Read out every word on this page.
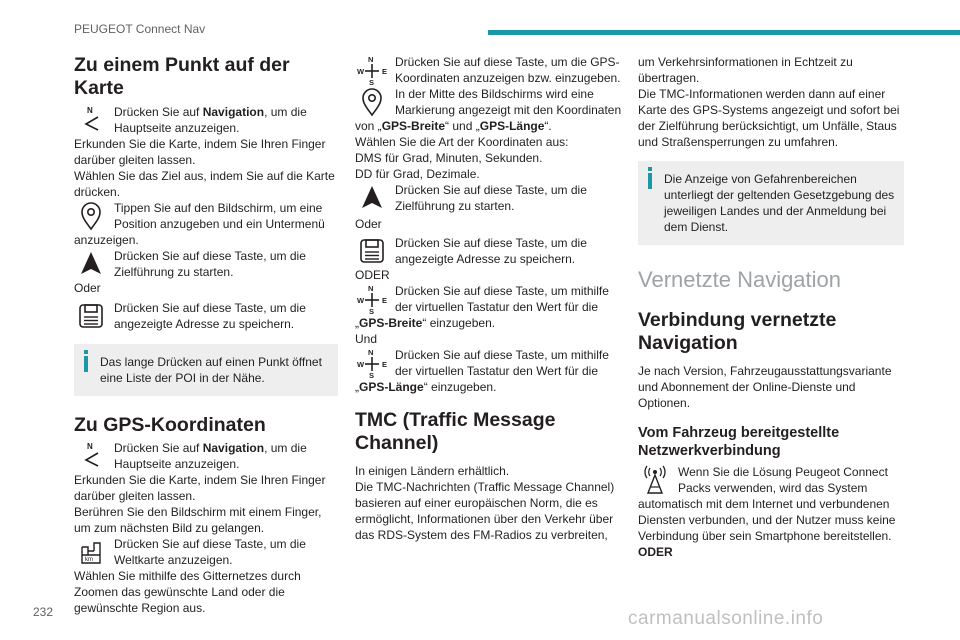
PEUGEOT Connect Nav
Zu einem Punkt auf der Karte
N Drücken Sie auf Navigation, um die Hauptseite anzuzeigen.

Erkunden Sie die Karte, indem Sie Ihren Finger darüber gleiten lassen.

Wählen Sie das Ziel aus, indem Sie auf die Karte drücken.

Tippen Sie auf den Bildschirm, um eine Position anzugeben und ein Untermenü anzuzeigen.
Drücken Sie auf diese Taste, um die Zielführung zu starten.

Oder

Drücken Sie auf diese Taste, um die angezeigte Adresse zu speichern.
Das lange Drücken auf einen Punkt öffnet eine Liste der POI in der Nähe.
Zu GPS-Koordinaten
N Drücken Sie auf Navigation, um die Hauptseite anzuzeigen.

Erkunden Sie die Karte, indem Sie Ihren Finger darüber gleiten lassen.

Berühren Sie den Bildschirm mit einem Finger, um zum nächsten Bild zu gelangen.

km
Drücken Sie auf diese Taste, um die Weltkarte anzuzeigen.

Wählen Sie mithilfe des Gitternetzes durch Zoomen das gewünschte Land oder die gewünschte Region aus.

N
W E
S
Drücken Sie auf diese Taste, um die GPS-Koordinaten anzuzeigen bzw. einzugeben.
In der Mitte des Bildschirms wird eine Markierung angezeigt mit den Koordinaten von „GPS-Breite“ und „GPS-Länge“.

Wählen Sie die Art der Koordinaten aus:

DMS für Grad, Minuten, Sekunden.

DD für Grad, Dezimale.

Drücken Sie auf diese Taste, um die Zielführung zu starten.

Oder

Drücken Sie auf diese Taste, um die angezeigte Adresse zu speichern.

ODER

N
W E
S
Drücken Sie auf diese Taste, um mithilfe der virtuellen Tastatur den Wert für die „GPS-Breite“ einzugeben.

Und

N
W E
S
Drücken Sie auf diese Taste, um mithilfe der virtuellen Tastatur den Wert für die „GPS-Länge“ einzugeben.
TMC (Traffic Message Channel)

In einigen Ländern erhältlich.

Die TMC-Nachrichten (Traffic Message Channel) basieren auf einer europäischen Norm, die es ermöglicht, Informationen über den Verkehr über das RDS-System des FM-Radios zu verbreiten,

um Verkehrsinformationen in Echtzeit zu übertragen.

Die TMC-Informationen werden dann auf einer Karte des GPS-Systems angezeigt und sofort bei der Zielführung berücksichtigt, um Unfälle, Staus und Straßensperrungen zu umfahren.

Die Anzeige von Gefahrenbereichen unterliegt der geltenden Gesetzgebung des jeweiligen Landes und der Anmeldung bei dem Dienst.
Vernetzte Navigation
Verbindung vernetzte Navigation

Je nach Version, Fahrzeugausstattungsvariante und Abonnement der Online-Dienste und Optionen.

Vom Fahrzeug bereitgestellte Netzwerkverbindung
Wenn Sie die Lösung Peugeot Connect Packs verwenden, wird das System automatisch mit dem Internet und verbundenen Diensten verbunden, und der Nutzer muss keine Verbindung über sein Smartphone bereitstellen.

ODER

232	carmanualsonline.info
